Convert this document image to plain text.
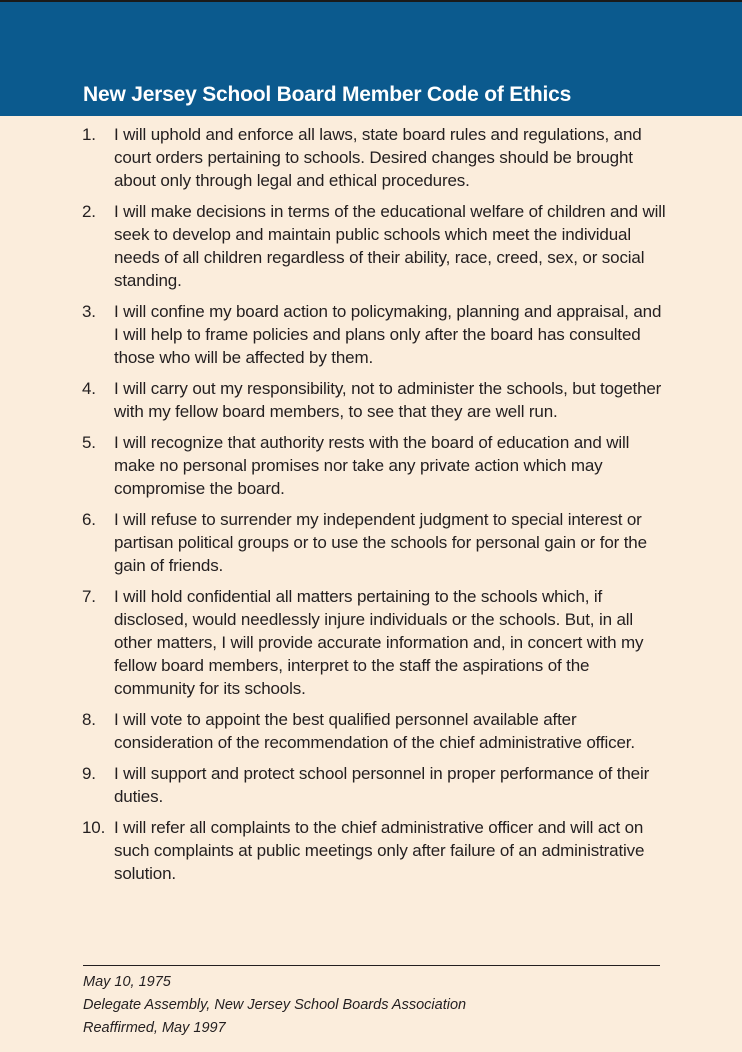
New Jersey School Board Member Code of Ethics
1.	I will uphold and enforce all laws, state board rules and regulations, and court orders pertaining to schools. Desired changes should be brought about only through legal and ethical procedures.
2.	I will make decisions in terms of the educational welfare of children and will seek to develop and maintain public schools which meet the individual needs of all children regardless of their ability, race, creed, sex, or social standing.
3.	I will confine my board action to policymaking, planning and appraisal, and I will help to frame policies and plans only after the board has consulted those who will be affected by them.
4.	I will carry out my responsibility, not to administer the schools, but together with my fellow board members, to see that they are well run.
5.	I will recognize that authority rests with the board of education and will make no personal promises nor take any private action which may compromise the board.
6.	I will refuse to surrender my independent judgment to special interest or partisan political groups or to use the schools for personal gain or for the gain of friends.
7.	I will hold confidential all matters pertaining to the schools which, if disclosed, would needlessly injure individuals or the schools. But, in all other matters, I will provide accurate information and, in concert with my fellow board members, interpret to the staff the aspirations of the community for its schools.
8.	I will vote to appoint the best qualified personnel available after consideration of the recommendation of the chief administrative officer.
9.	I will support and protect school personnel in proper performance of their duties.
10. I will refer all complaints to the chief administrative officer and will act on such complaints at public meetings only after failure of an administrative solution.
May 10, 1975
Delegate Assembly, New Jersey School Boards Association
Reaffirmed, May 1997
